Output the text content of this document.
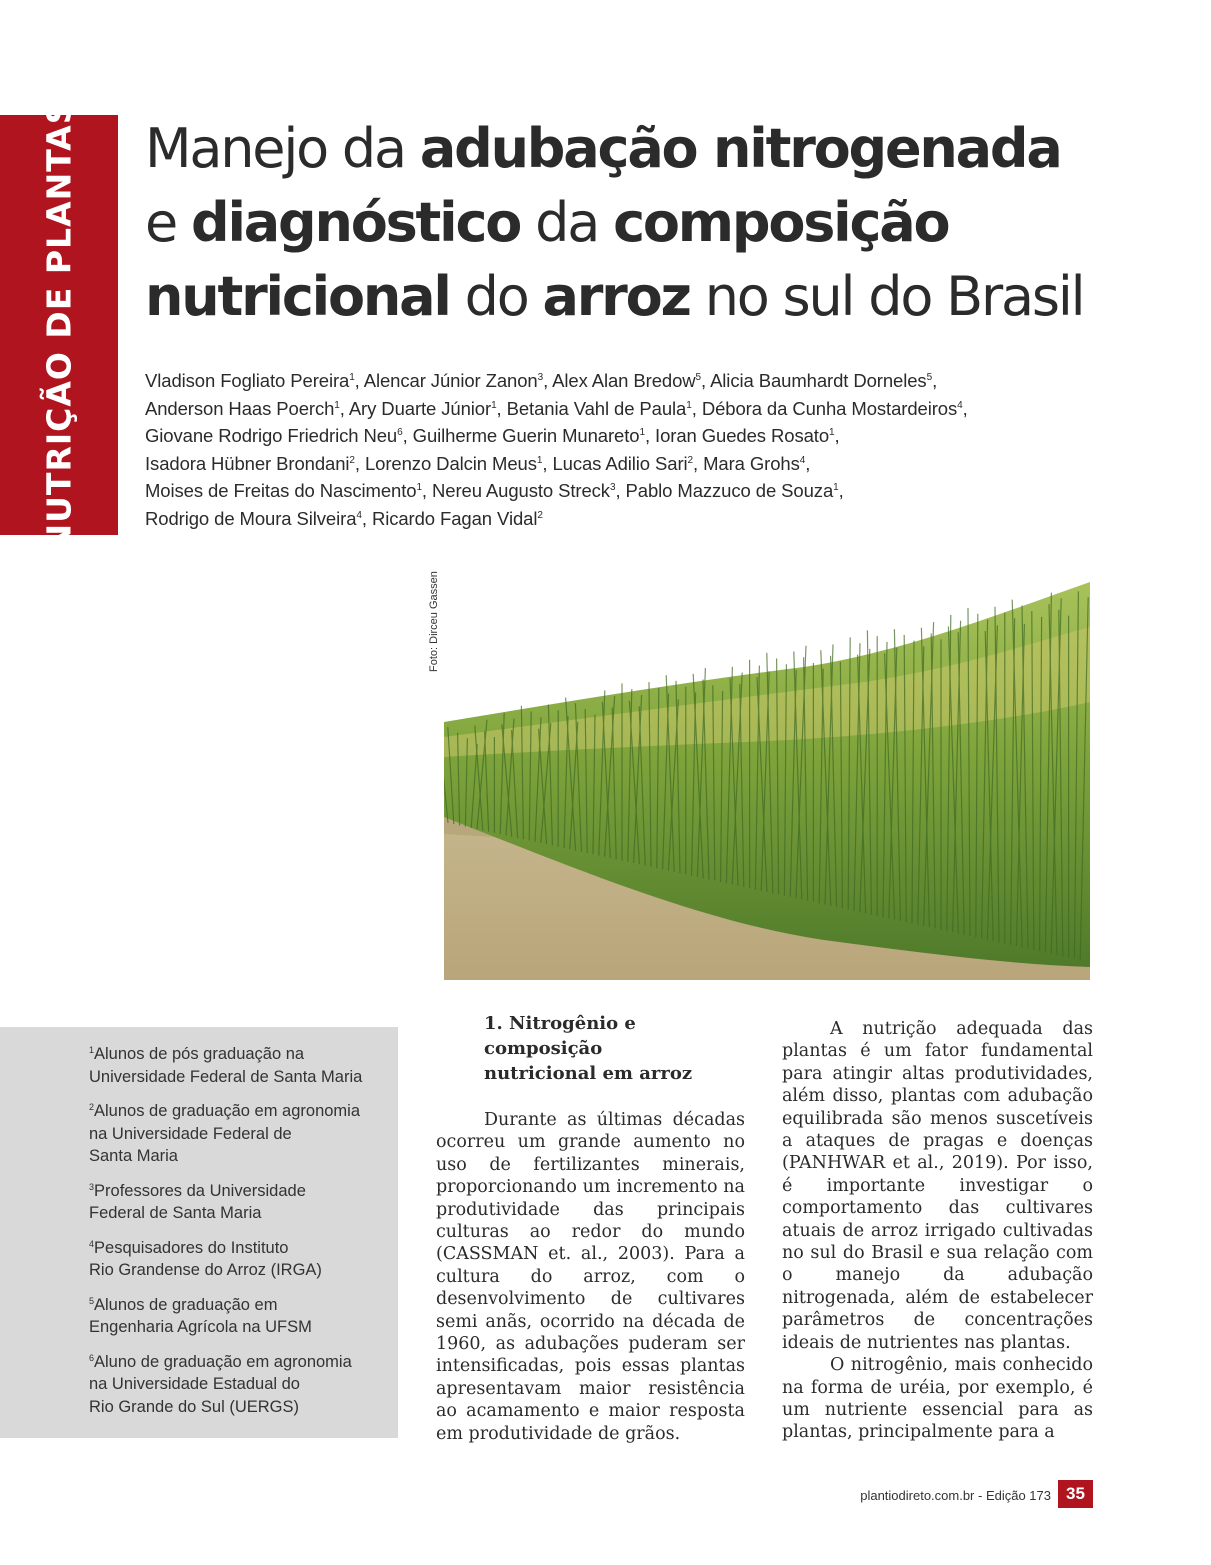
NUTRIÇÃO DE PLANTAS Manejo da adubação nitrogenada
e diagnóstico da composição
nutricional do arroz no sul do Brasil
Vladison Fogliato Pereira$^1$, Alencar Júnior Zanon$^3$, Alex Alan Bredow$^5$, Alicia Baumhardt Dorneles$^5$,
Anderson Haas Poerch$^1$, Ary Duarte Júnior$^1$, Betania Vahl de Paula$^1$, Débora da Cunha Mostardeiros$^4$,
Giovane Rodrigo Friedrich Neu$^6$, Guilherme Guerin Munareto$^1$, Ioran Guedes Rosato$^1$,
Isadora Hübner Brondani$^2$, Lorenzo Dalcin Meus$^1$, Lucas Adilio Sari$^2$, Mara Grohs$^4$,
Moises de Freitas do Nascimento$^1$, Nereu Augusto Streck$^3$, Pablo Mazzuco de Souza$^1$,
Rodrigo de Moura Silveira$^4$, Ricardo Fagan Vidal$^2$
Foto: Dirceu Gassen
$^1$Alunos de pós graduação na
Universidade Federal de Santa Maria
$^2$Alunos de graduação em agronomia
na Universidade Federal de
Santa Maria
$^3$Professores da Universidade
Federal de Santa Maria
$^4$Pesquisadores do Instituto
Rio Grandense do Arroz (IRGA)
$^5$Alunos de graduação em
Engenharia Agrícola na UFSM
$^6$Aluno de graduação em agronomia
na Universidade Estadual do
Rio Grande do Sul (UERGS)
1. Nitrogênio e
composição
nutricional em arroz

Durante as últimas décadas ocorreu um grande aumento no uso de fertilizantes minerais, proporcionando um incremento na produtividade das principais culturas ao redor do mundo (CASSMAN et. al., 2003). Para a cultura do arroz, com o desenvolvimento de cultivares semi anãs, ocorrido na década de 1960, as adubações puderam ser intensificadas, pois essas plantas apresentavam maior resistência ao acamamento e maior resposta em produtividade de grãos.

A nutrição adequada das plantas é um fator fundamental para atingir altas produtividades, além disso, plantas com adubação equilibrada são menos suscetíveis a ataques de pragas e doenças (PANHWAR et al., 2019). Por isso, é importante investigar o comportamento das cultivares atuais de arroz irrigado cultivadas no sul do Brasil e sua relação com o manejo da adubação nitrogenada, além de estabelecer parâmetros de concentrações ideais de nutrientes nas plantas.

O nitrogênio, mais conhecido na forma de uréia, por exemplo, é um nutriente essencial para as plantas, principalmente para a

plantiodireto.com.br - Edição 173 35
